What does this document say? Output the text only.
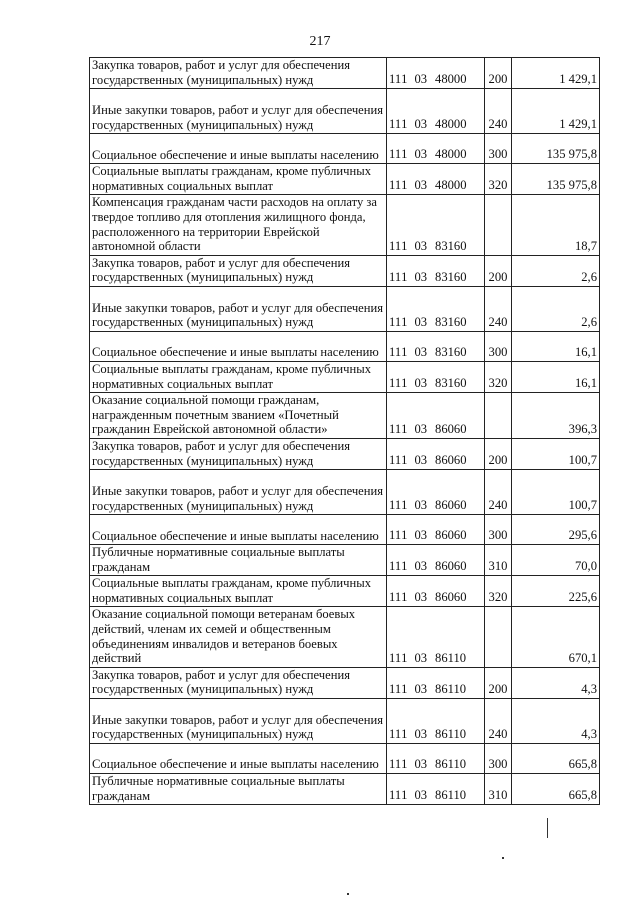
217
Закупка товаров, работ и услуг для обеспечения государственных (муниципальных) нужд	111 03 48000	200	1 429,1
Иные закупки товаров, работ и услуг для обеспечения государственных (муниципальных) нужд	111 03 48000	240	1 429,1
Социальное обеспечение и иные выплаты населению	111 03 48000	300	135 975,8
Социальные выплаты гражданам, кроме публичных нормативных социальных выплат	111 03 48000	320	135 975,8
Компенсация гражданам части расходов на оплату за твердое топливо для отопления жилищного фонда, расположенного на территории Еврейской автономной области	111 03 83160		18,7
Закупка товаров, работ и услуг для обеспечения государственных (муниципальных) нужд	111 03 83160	200	2,6
Иные закупки товаров, работ и услуг для обеспечения государственных (муниципальных) нужд	111 03 83160	240	2,6
Социальное обеспечение и иные выплаты населению	111 03 83160	300	16,1
Социальные выплаты гражданам, кроме публичных нормативных социальных выплат	111 03 83160	320	16,1
Оказание социальной помощи гражданам, награжденным почетным званием «Почетный гражданин Еврейской автономной области»	111 03 86060		396,3
Закупка товаров, работ и услуг для обеспечения государственных (муниципальных) нужд	111 03 86060	200	100,7
Иные закупки товаров, работ и услуг для обеспечения государственных (муниципальных) нужд	111 03 86060	240	100,7
Социальное обеспечение и иные выплаты населению	111 03 86060	300	295,6
Публичные нормативные социальные выплаты гражданам	111 03 86060	310	70,0
Социальные выплаты гражданам, кроме публичных нормативных социальных выплат	111 03 86060	320	225,6
Оказание социальной помощи ветеранам боевых действий, членам их семей и общественным объединениям инвалидов и ветеранов боевых действий	111 03 86110		670,1
Закупка товаров, работ и услуг для обеспечения государственных (муниципальных) нужд	111 03 86110	200	4,3
Иные закупки товаров, работ и услуг для обеспечения государственных (муниципальных) нужд	111 03 86110	240	4,3
Социальное обеспечение и иные выплаты населению	111 03 86110	300	665,8
Публичные нормативные социальные выплаты гражданам	111 03 86110	310	665,8
